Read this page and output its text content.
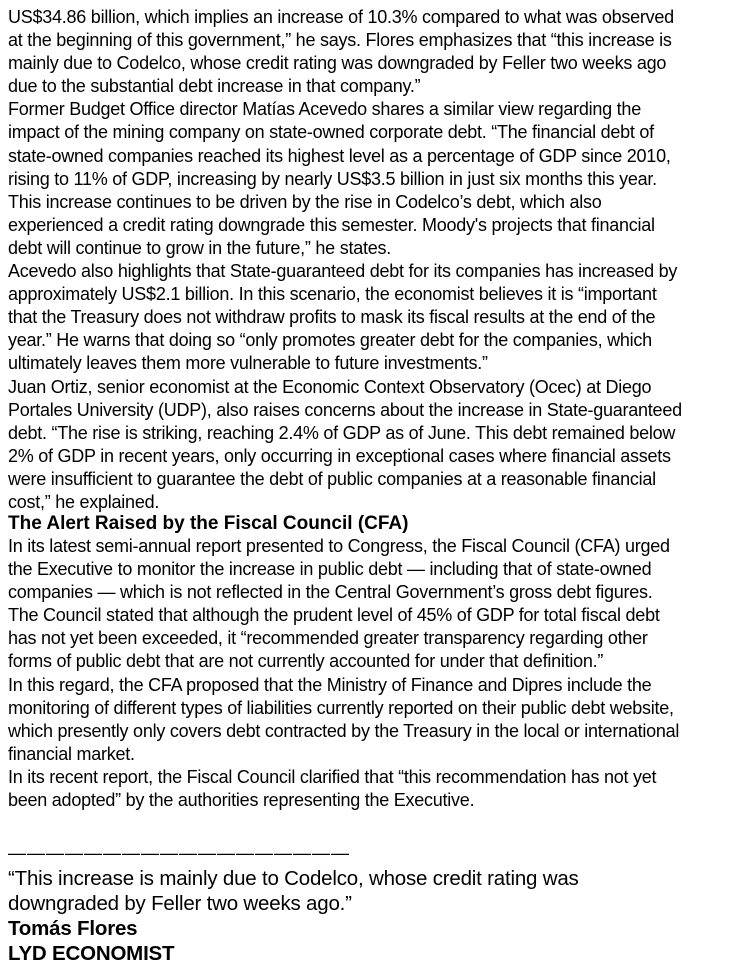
US$34.86 billion, which implies an increase of 10.3% compared to what was observed
at the beginning of this government,” he says. Flores emphasizes that “this increase is
mainly due to Codelco, whose credit rating was downgraded by Feller two weeks ago
due to the substantial debt increase in that company.”
Former Budget Office director Matías Acevedo shares a similar view regarding the
impact of the mining company on state-owned corporate debt. “The financial debt of
state-owned companies reached its highest level as a percentage of GDP since 2010,
rising to 11% of GDP, increasing by nearly US$3.5 billion in just six months this year.
This increase continues to be driven by the rise in Codelco’s debt, which also
experienced a credit rating downgrade this semester. Moody's projects that financial
debt will continue to grow in the future,” he states.
Acevedo also highlights that State-guaranteed debt for its companies has increased by
approximately US$2.1 billion. In this scenario, the economist believes it is “important
that the Treasury does not withdraw profits to mask its fiscal results at the end of the
year.” He warns that doing so “only promotes greater debt for the companies, which
ultimately leaves them more vulnerable to future investments.”
Juan Ortiz, senior economist at the Economic Context Observatory (Ocec) at Diego
Portales University (UDP), also raises concerns about the increase in State-guaranteed
debt. “The rise is striking, reaching 2.4% of GDP as of June. This debt remained below
2% of GDP in recent years, only occurring in exceptional cases where financial assets
were insufficient to guarantee the debt of public companies at a reasonable financial
cost,” he explained.
The Alert Raised by the Fiscal Council (CFA)
In its latest semi-annual report presented to Congress, the Fiscal Council (CFA) urged
the Executive to monitor the increase in public debt — including that of state-owned
companies — which is not reflected in the Central Government’s gross debt figures.
The Council stated that although the prudent level of 45% of GDP for total fiscal debt
has not yet been exceeded, it “recommended greater transparency regarding other
forms of public debt that are not currently accounted for under that definition.”
In this regard, the CFA proposed that the Ministry of Finance and Dipres include the
monitoring of different types of liabilities currently reported on their public debt website,
which presently only covers debt contracted by the Treasury in the local or international
financial market.
In its recent report, the Fiscal Council clarified that “this recommendation has not yet
been adopted” by the authorities representing the Executive.
——————————————————
“This increase is mainly due to Codelco, whose credit rating was
downgraded by Feller two weeks ago.”
Tomás Flores
LYD ECONOMIST
